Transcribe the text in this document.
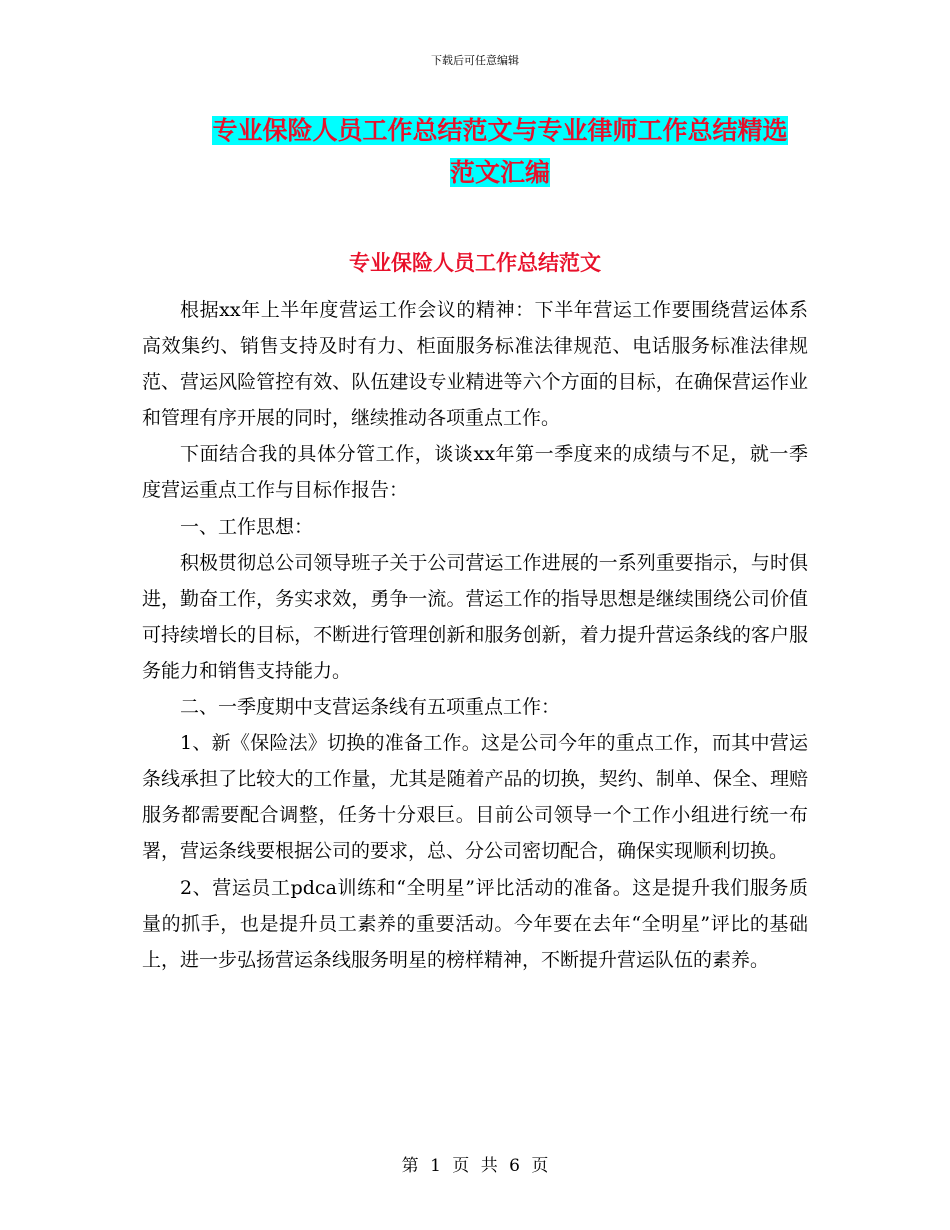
下载后可任意编辑
专业保险人员工作总结范文与专业律师工作总结精选
范文汇编
专业保险人员工作总结范文

根据xx年上半年度营运工作会议的精神：下半年营运工作要围绕营运体系高效集约、销售支持及时有力、柜面服务标准法律规范、电话服务标准法律规范、营运风险管控有效、队伍建设专业精进等六个方面的目标，在确保营运作业和管理有序开展的同时，继续推动各项重点工作。

下面结合我的具体分管工作，谈谈xx年第一季度来的成绩与不足，就一季度营运重点工作与目标作报告：

一、工作思想：

积极贯彻总公司领导班子关于公司营运工作进展的一系列重要指示，与时俱进，勤奋工作，务实求效，勇争一流。营运工作的指导思想是继续围绕公司价值可持续增长的目标，不断进行管理创新和服务创新，着力提升营运条线的客户服务能力和销售支持能力。

二、一季度期中支营运条线有五项重点工作：

1、新《保险法》切换的准备工作。这是公司今年的重点工作，而其中营运条线承担了比较大的工作量，尤其是随着产品的切换，契约、制单、保全、理赔服务都需要配合调整，任务十分艰巨。目前公司领导一个工作小组进行统一布署，营运条线要根据公司的要求，总、分公司密切配合，确保实现顺利切换。

2、营运员工pdca训练和“全明星”评比活动的准备。这是提升我们服务质量的抓手，也是提升员工素养的重要活动。今年要在去年“全明星”评比的基础上，进一步弘扬营运条线服务明星的榜样精神，不断提升营运队伍的素养。

第 1 页 共 6 页
